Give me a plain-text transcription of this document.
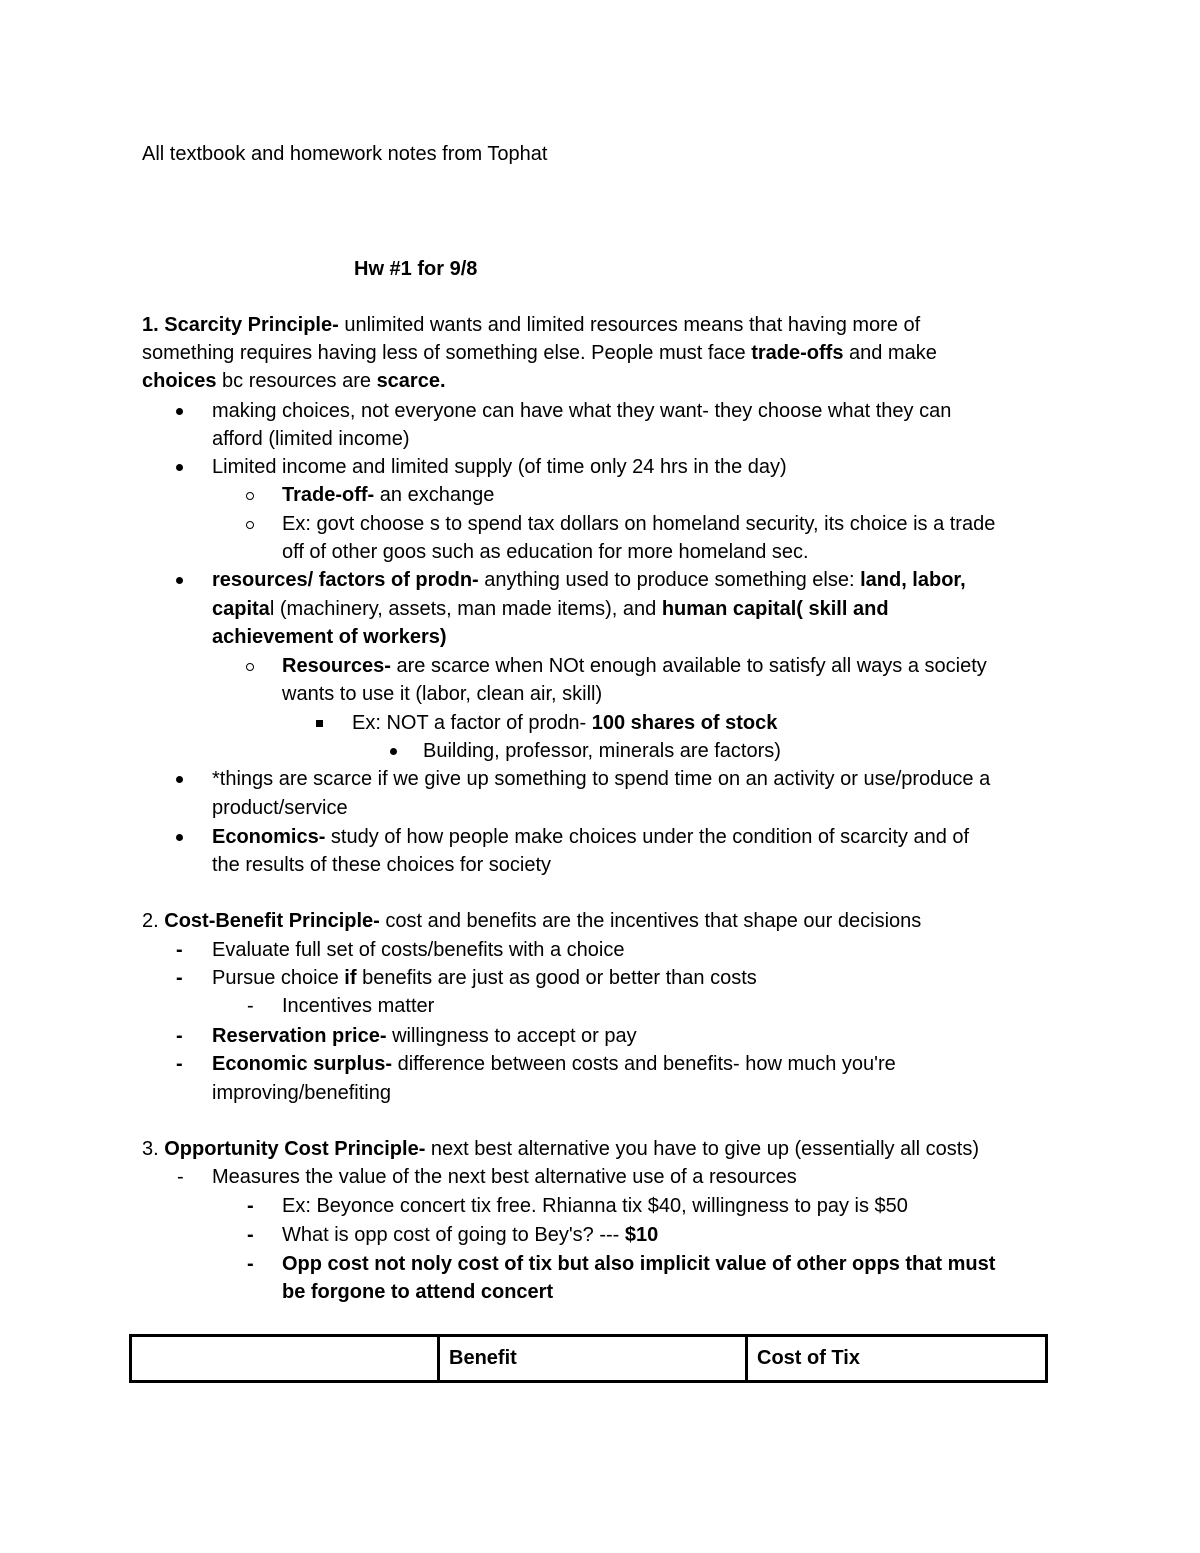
All textbook and homework notes from Tophat
Hw #1 for 9/8
1. Scarcity Principle- unlimited wants and limited resources means that having more of
something requires having less of something else. People must face trade-offs and make
choices bc resources are scarce.
making choices, not everyone can have what they want- they choose what they can
afford (limited income)
Limited income and limited supply (of time only 24 hrs in the day)
Trade-off- an exchange
Ex: govt choose s to spend tax dollars on homeland security, its choice is a trade
off of other goos such as education for more homeland sec.
resources/ factors of prodn- anything used to produce something else: land, labor,
capital (machinery, assets, man made items), and human capital( skill and
achievement of workers)
Resources- are scarce when NOt enough available to satisfy all ways a society
wants to use it (labor, clean air, skill)
Ex: NOT a factor of prodn- 100 shares of stock
Building, professor, minerals are factors)
*things are scarce if we give up something to spend time on an activity or use/produce a
product/service
Economics- study of how people make choices under the condition of scarcity and of
the results of these choices for society
2. Cost-Benefit Principle- cost and benefits are the incentives that shape our decisions
- Evaluate full set of costs/benefits with a choice
- Pursue choice if benefits are just as good or better than costs
- Incentives matter
- Reservation price- willingness to accept or pay
- Economic surplus- difference between costs and benefits- how much you're
improving/benefiting
3. Opportunity Cost Principle- next best alternative you have to give up (essentially all costs)
- Measures the value of the next best alternative use of a resources
- Ex: Beyonce concert tix free. Rhianna tix $40, willingness to pay is $50
- What is opp cost of going to Bey's? --- $10
- Opp cost not noly cost of tix but also implicit value of other opps that must
be forgone to attend concert
	Benefit	Cost of Tix
